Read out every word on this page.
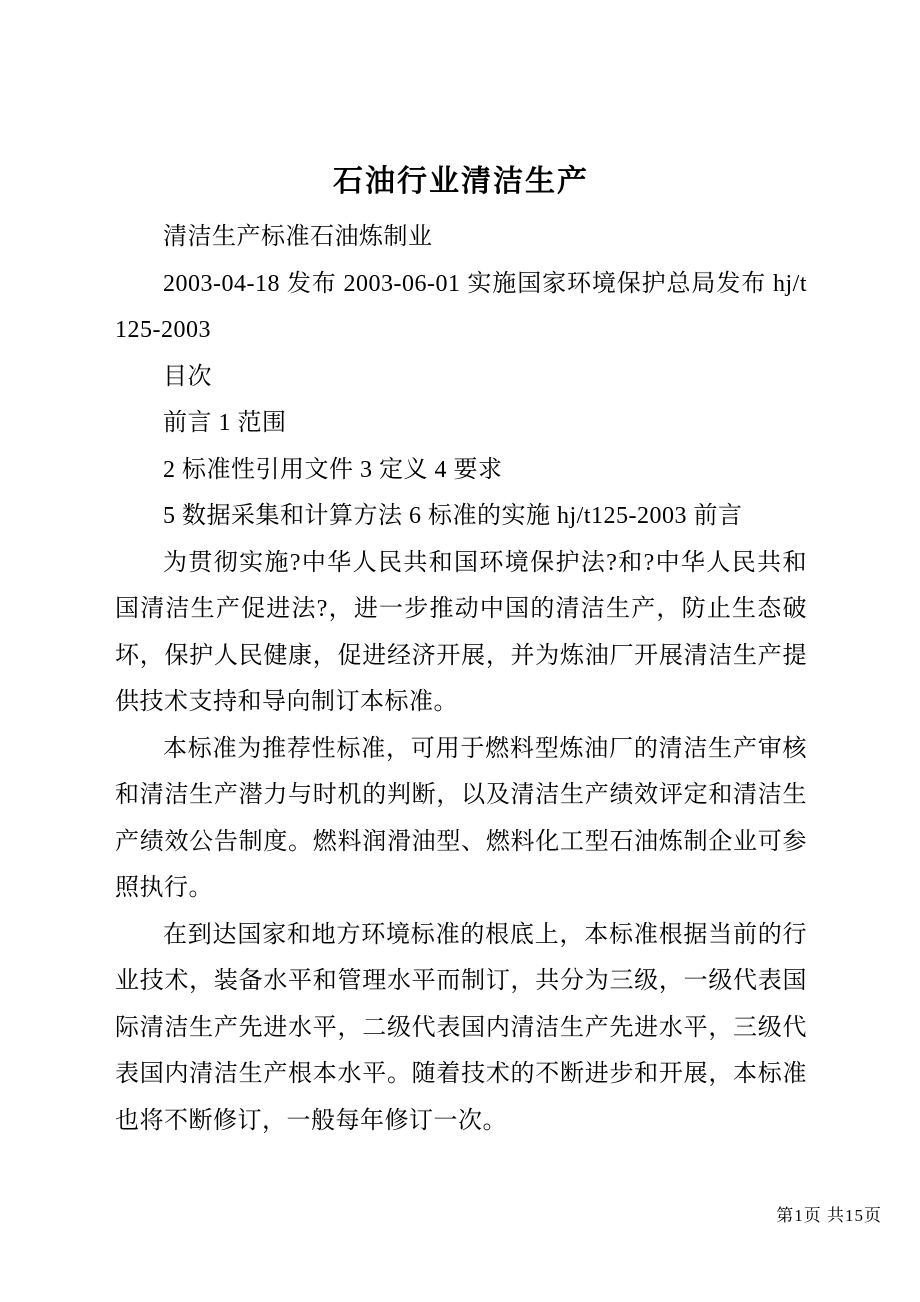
石油行业清洁生产

清洁生产标准石油炼制业

2003-04-18 发布 2003-06-01 实施国家环境保护总局发布 hj/t125-2003

目次

前言 1 范围

2 标准性引用文件 3 定义 4 要求

5 数据采集和计算方法 6 标准的实施 hj/t125-2003 前言

为贯彻实施?中华人民共和国环境保护法?和?中华人民共和国清洁生产促进法?，进一步推动中国的清洁生产，防止生态破坏，保护人民健康，促进经济开展，并为炼油厂开展清洁生产提供技术支持和导向制订本标准。

本标准为推荐性标准，可用于燃料型炼油厂的清洁生产审核和清洁生产潜力与时机的判断，以及清洁生产绩效评定和清洁生产绩效公告制度。燃料润滑油型、燃料化工型石油炼制企业可参照执行。

在到达国家和地方环境标准的根底上，本标准根据当前的行业技术，装备水平和管理水平而制订，共分为三级，一级代表国际清洁生产先进水平，二级代表国内清洁生产先进水平，三级代表国内清洁生产根本水平。随着技术的不断进步和开展，本标准也将不断修订，一般每年修订一次。

第1页 共15页
